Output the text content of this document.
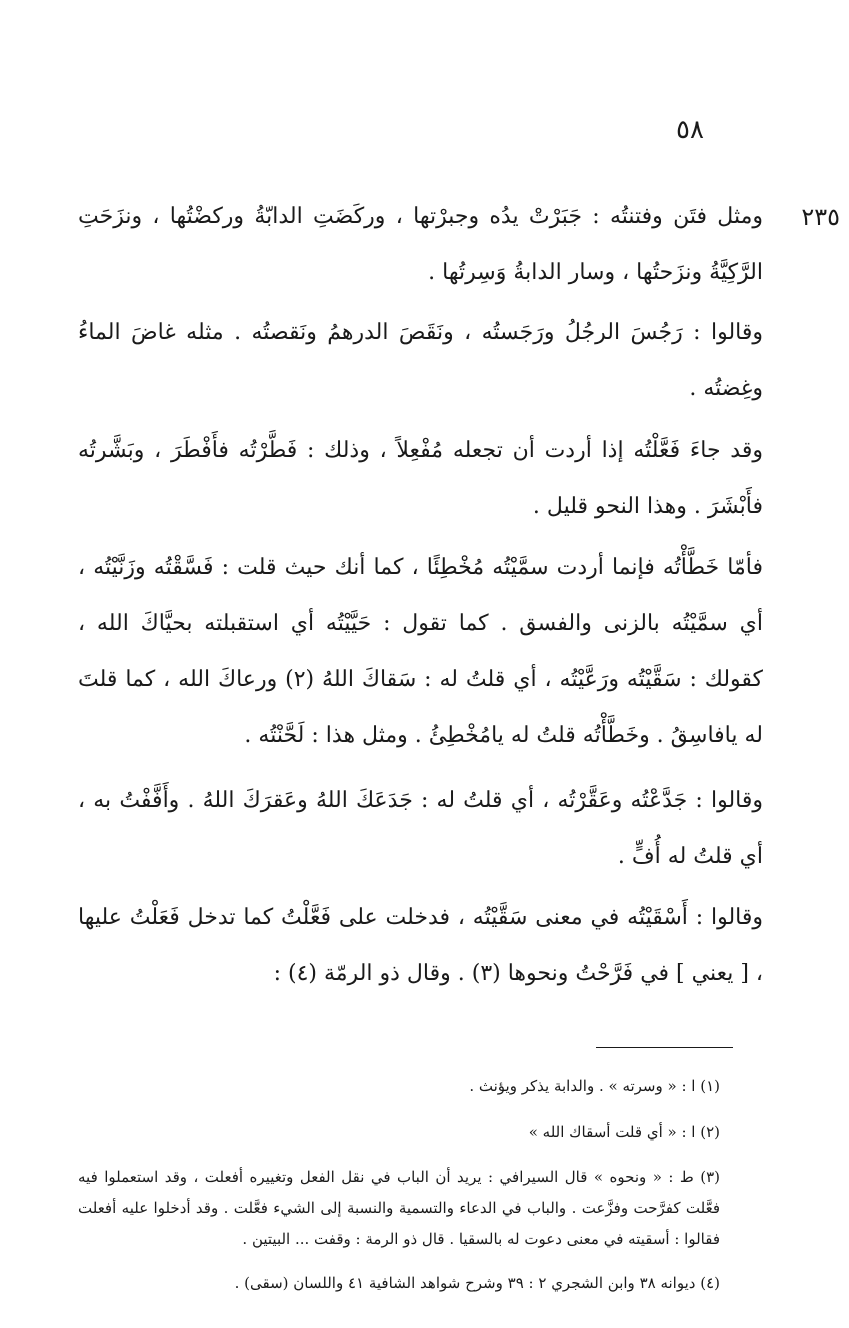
٥٨
٢٣٥

ومثل فتَن وفتنتُه : جَبَرْتْ يدُه وجبرْتها ، وركَضَتِ الدابّةُ وركضْتُها ، ونزَحَتِ الرَّكِيَّةُ ونزَحتُها ، وسار الدابةُ وَسِرتُها .

وقالوا : رَجُسَ الرجُلُ ورَجَستُه ، ونَقَصَ الدرهمُ ونَقصتُه . مثله غاضَ الماءُ وغِضتُه .

وقد جاءَ فَعَّلْتُه إذا أردت أن تجعله مُفْعِلاً ، وذلك : فَطَّرْتُه فأَفْطَرَ ، وبَشَّرتُه فأَبْشَرَ . وهذا النحو قليل .

فأمّا خَطَّأْتُه فإنما أردت سمَّيْتُه مُخْطِئًا ، كما أنك حيث قلت : فَسَّقْتُه وزَنَّيْتُه ، أي سمَّيْتُه بالزنى والفسق . كما تقول : حَيَّيْتُه أي استقبلته بحيَّاكَ الله ، كقولك : سَقَّيْتُه ورَعَّيْتُه ، أي قلتُ له : سَقاكَ اللهُ (٢) ورعاكَ الله ، كما قلتَ له يافاسِقُ . وخَطَّأْتُه قلتُ له يامُخْطِئُ . ومثل هذا : لَحَّنْتُه .

وقالوا : جَدَّعْتُه وعَقَّرْتُه ، أي قلتُ له : جَدَعَكَ اللهُ وعَقرَكَ اللهُ . وأَفَّفْتُ به ، أي قلتُ له أُفٍّ .

وقالوا : أَسْقَيْتُه في معنى سَقَّيْتُه ، فدخلت على فَعَّلْتُ كما تدخل فَعَلْتُ عليها ، [ يعني ] في فَرَّحْتُ ونحوها (٣) . وقال ذو الرمّة (٤) :

(١) ا : « وسرته » . والدابة يذكر ويؤنث .

(٢) ا : « أي قلت أسقاك الله »

(٣) ط : « ونحوه » قال السيرافي : يريد أن الباب في نقل الفعل وتغييره أفعلت ، وقد استعملوا فيه فعَّلت كفرَّحت وفزَّعت . والباب في الدعاء والتسمية والنسبة إلى الشيء فعَّلت . وقد أدخلوا عليه أفعلت فقالوا : أسقيته في معنى دعوت له بالسقيا . قال ذو الرمة : وقفت ... البيتين .

(٤) ديوانه ٣٨ وابن الشجري ٢ : ٣٩ وشرح شواهد الشافية ٤١ واللسان (سقى) .
